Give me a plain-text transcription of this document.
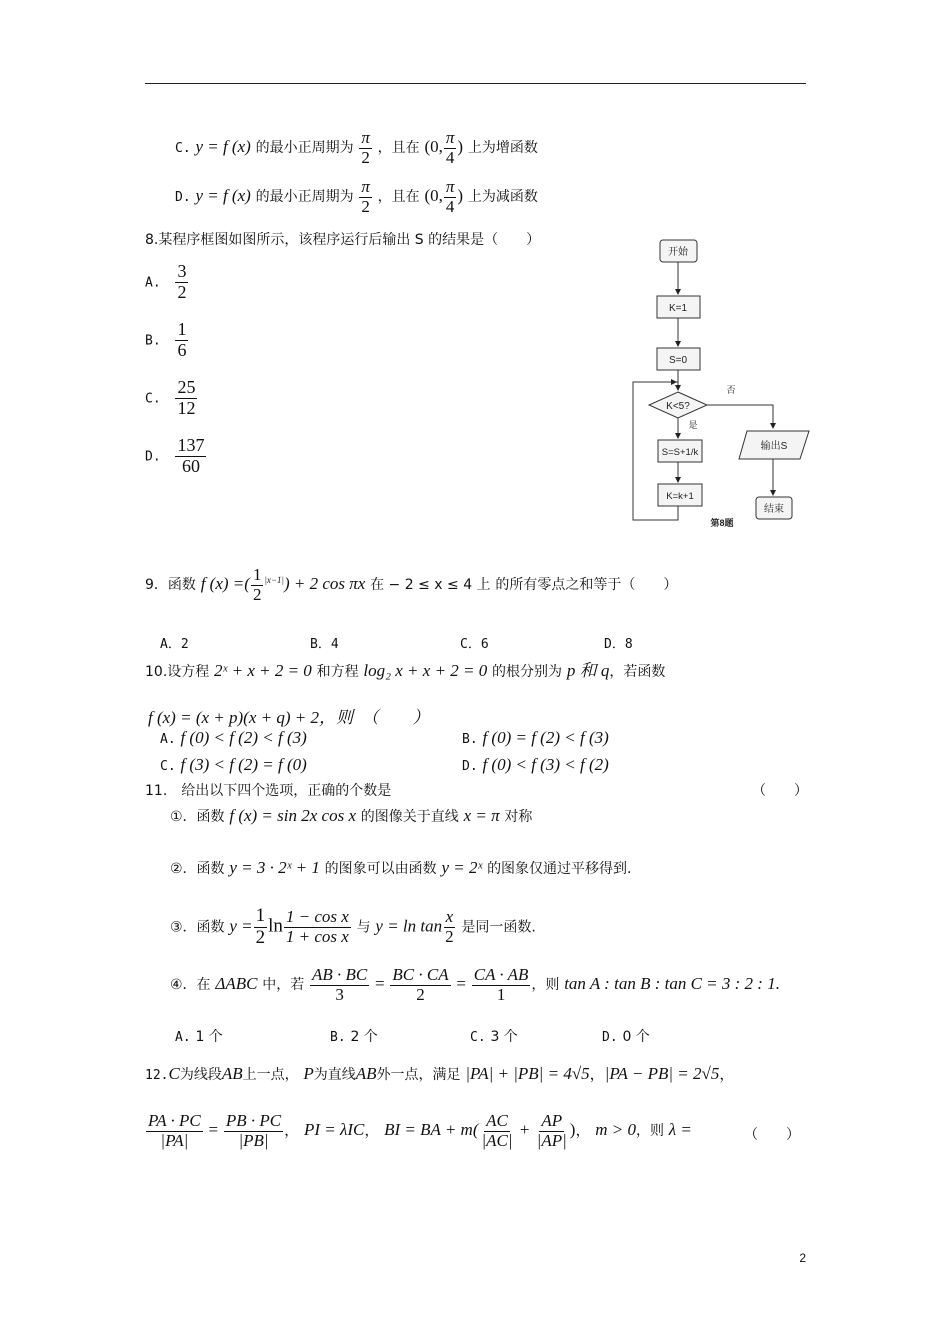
C. y = f (x) 的最小正周期为 $\frac{\pi}{2}$ ，且在 (0, $\frac{\pi}{4}$ ) 上为增函数
D. y = f (x) 的最小正周期为 $\frac{\pi}{2}$ ，且在 (0, $\frac{\pi}{4}$ ) 上为减函数
8.某程序框图如图所示，该程序运行后输出 S 的结果是（　　）
A. $\frac{3}{2}$
B. $\frac{1}{6}$
C. $\frac{25}{12}$
D. $\frac{137}{60}$
开始
K=1
S=0
K<5?
是
否
S=S+1/k
K=k+1
输出S
结束
第8题
9．函数 f (x) =( $\frac{1}{2} ^{|x-1|}) + 2$ cos πx 在 − 2 ≤ x ≤ 4 上 的所有零点之和等于（　　）
A．2	B．4	C．6	D．8
10.设方程 2ˣ + x + 2 = 0 和方程 log₂ x + x + 2 = 0 的根分别为 p 和 q，若函数
f (x) = (x + p)(x + q) + 2，则　（　　）
A. f (0) < f (2) < f (3)	B. f (0) = f (2) < f (3)
C. f (3) < f (2) = f (0)	D. f (0) < f (3) < f (2)
11.　给出以下四个选项，正确的个数是	（　　）
①．函数 f (x) = sin 2x cos x 的图像关于直线 x = π 对称
②．函数 y = 3 · 2ˣ + 1 的图象可以由函数 y = 2ˣ 的图象仅通过平移得到.
③．函数 $y = \frac{1}{2}$ $\ln \frac{\text{1 − cos x}}{\text{1 + cos x}}$ 与 $y = \ln \tan \frac{x}{2}$ 是同一函数.
④．在 ΔABC 中，若 $\frac{AB \cdot BC}{3} = \frac{BC \cdot CA}{2} = \frac{CA \cdot AB}{1}$ ，则 tan A : tan B : tan C = 3 : 2 : 1.
A. 1 个	B. 2 个	C. 3 个	D. 0 个
12.C为线段AB上一点， P为直线AB外一点，满足 |PA| + |PB| = 4√5，|PA − PB| = 2√5，
$\frac{PA \cdot PC}{|PA|} = \frac{PB \cdot PC}{|PB|}$ ， PI = λIC， BI = BA + $m( \frac{AC}{|AC|} + \frac{AP}{|AP|}$ )， m > 0，则 λ =	（　　）
2
